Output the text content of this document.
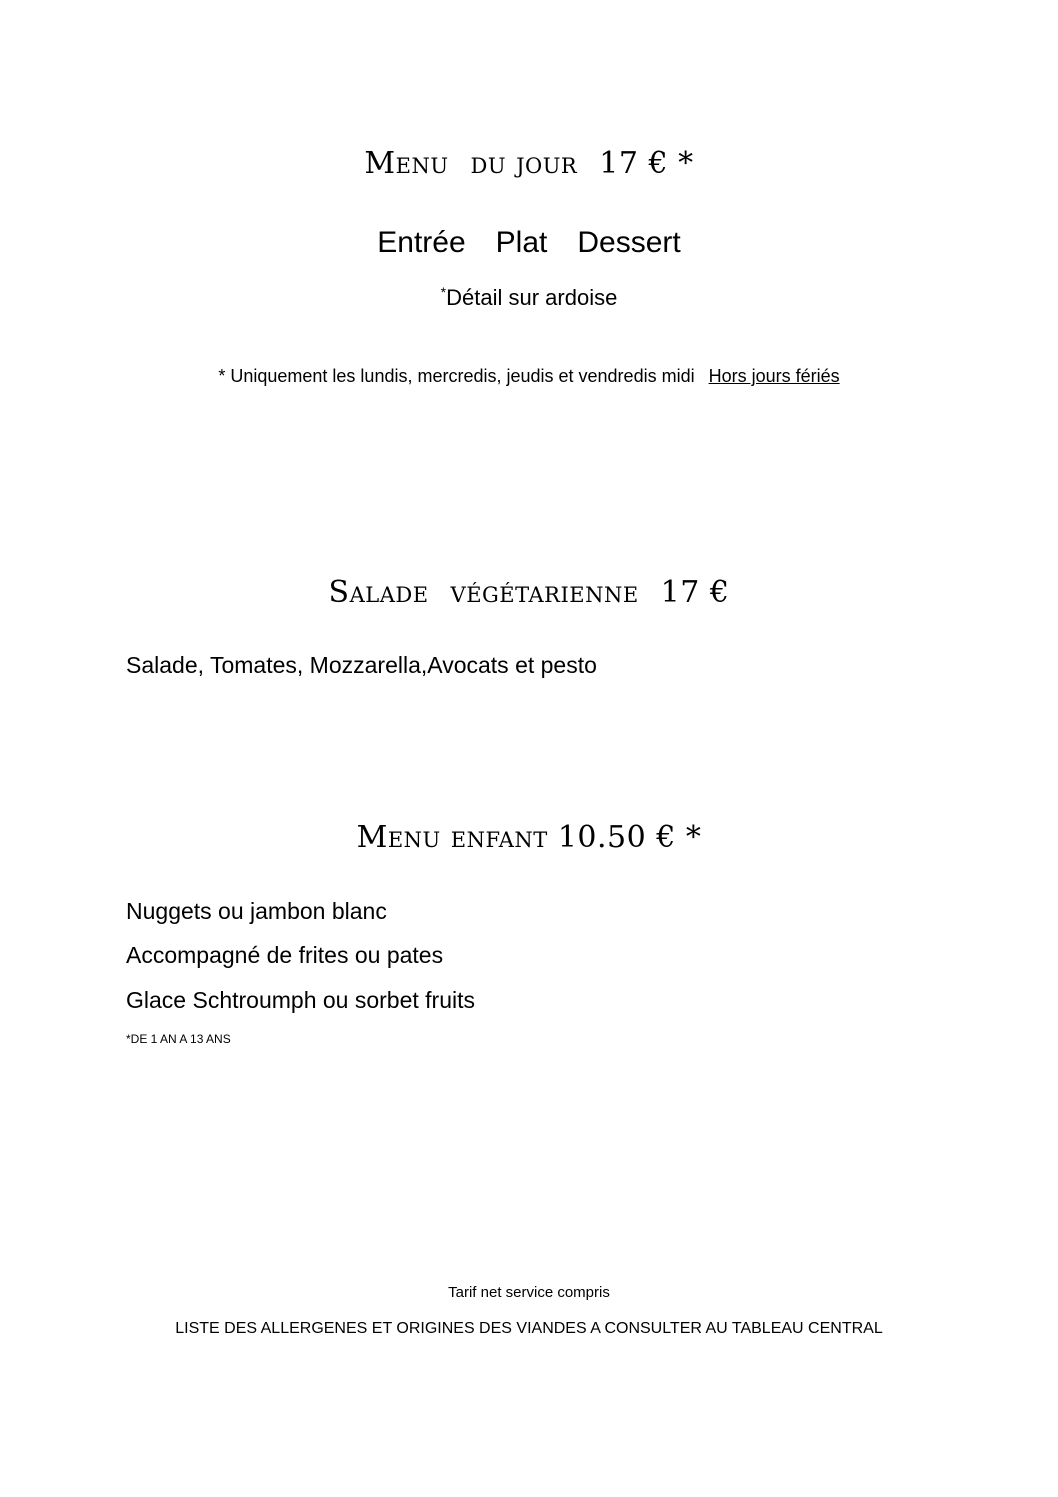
Menu du jour 17 € *
Entrée Plat Dessert
*Détail sur ardoise
* Uniquement les lundis, mercredis, jeudis et vendredis midi Hors jours fériés
Salade végétarienne 17 €
Salade, Tomates, Mozzarella,Avocats et pesto
Menu enfant 10.50 € *
Nuggets ou jambon blanc
Accompagné de frites ou pates
Glace Schtroumph ou sorbet fruits
*DE 1 AN A 13 ANS
Tarif net service compris
LISTE DES ALLERGENES ET ORIGINES DES VIANDES A CONSULTER AU TABLEAU CENTRAL
